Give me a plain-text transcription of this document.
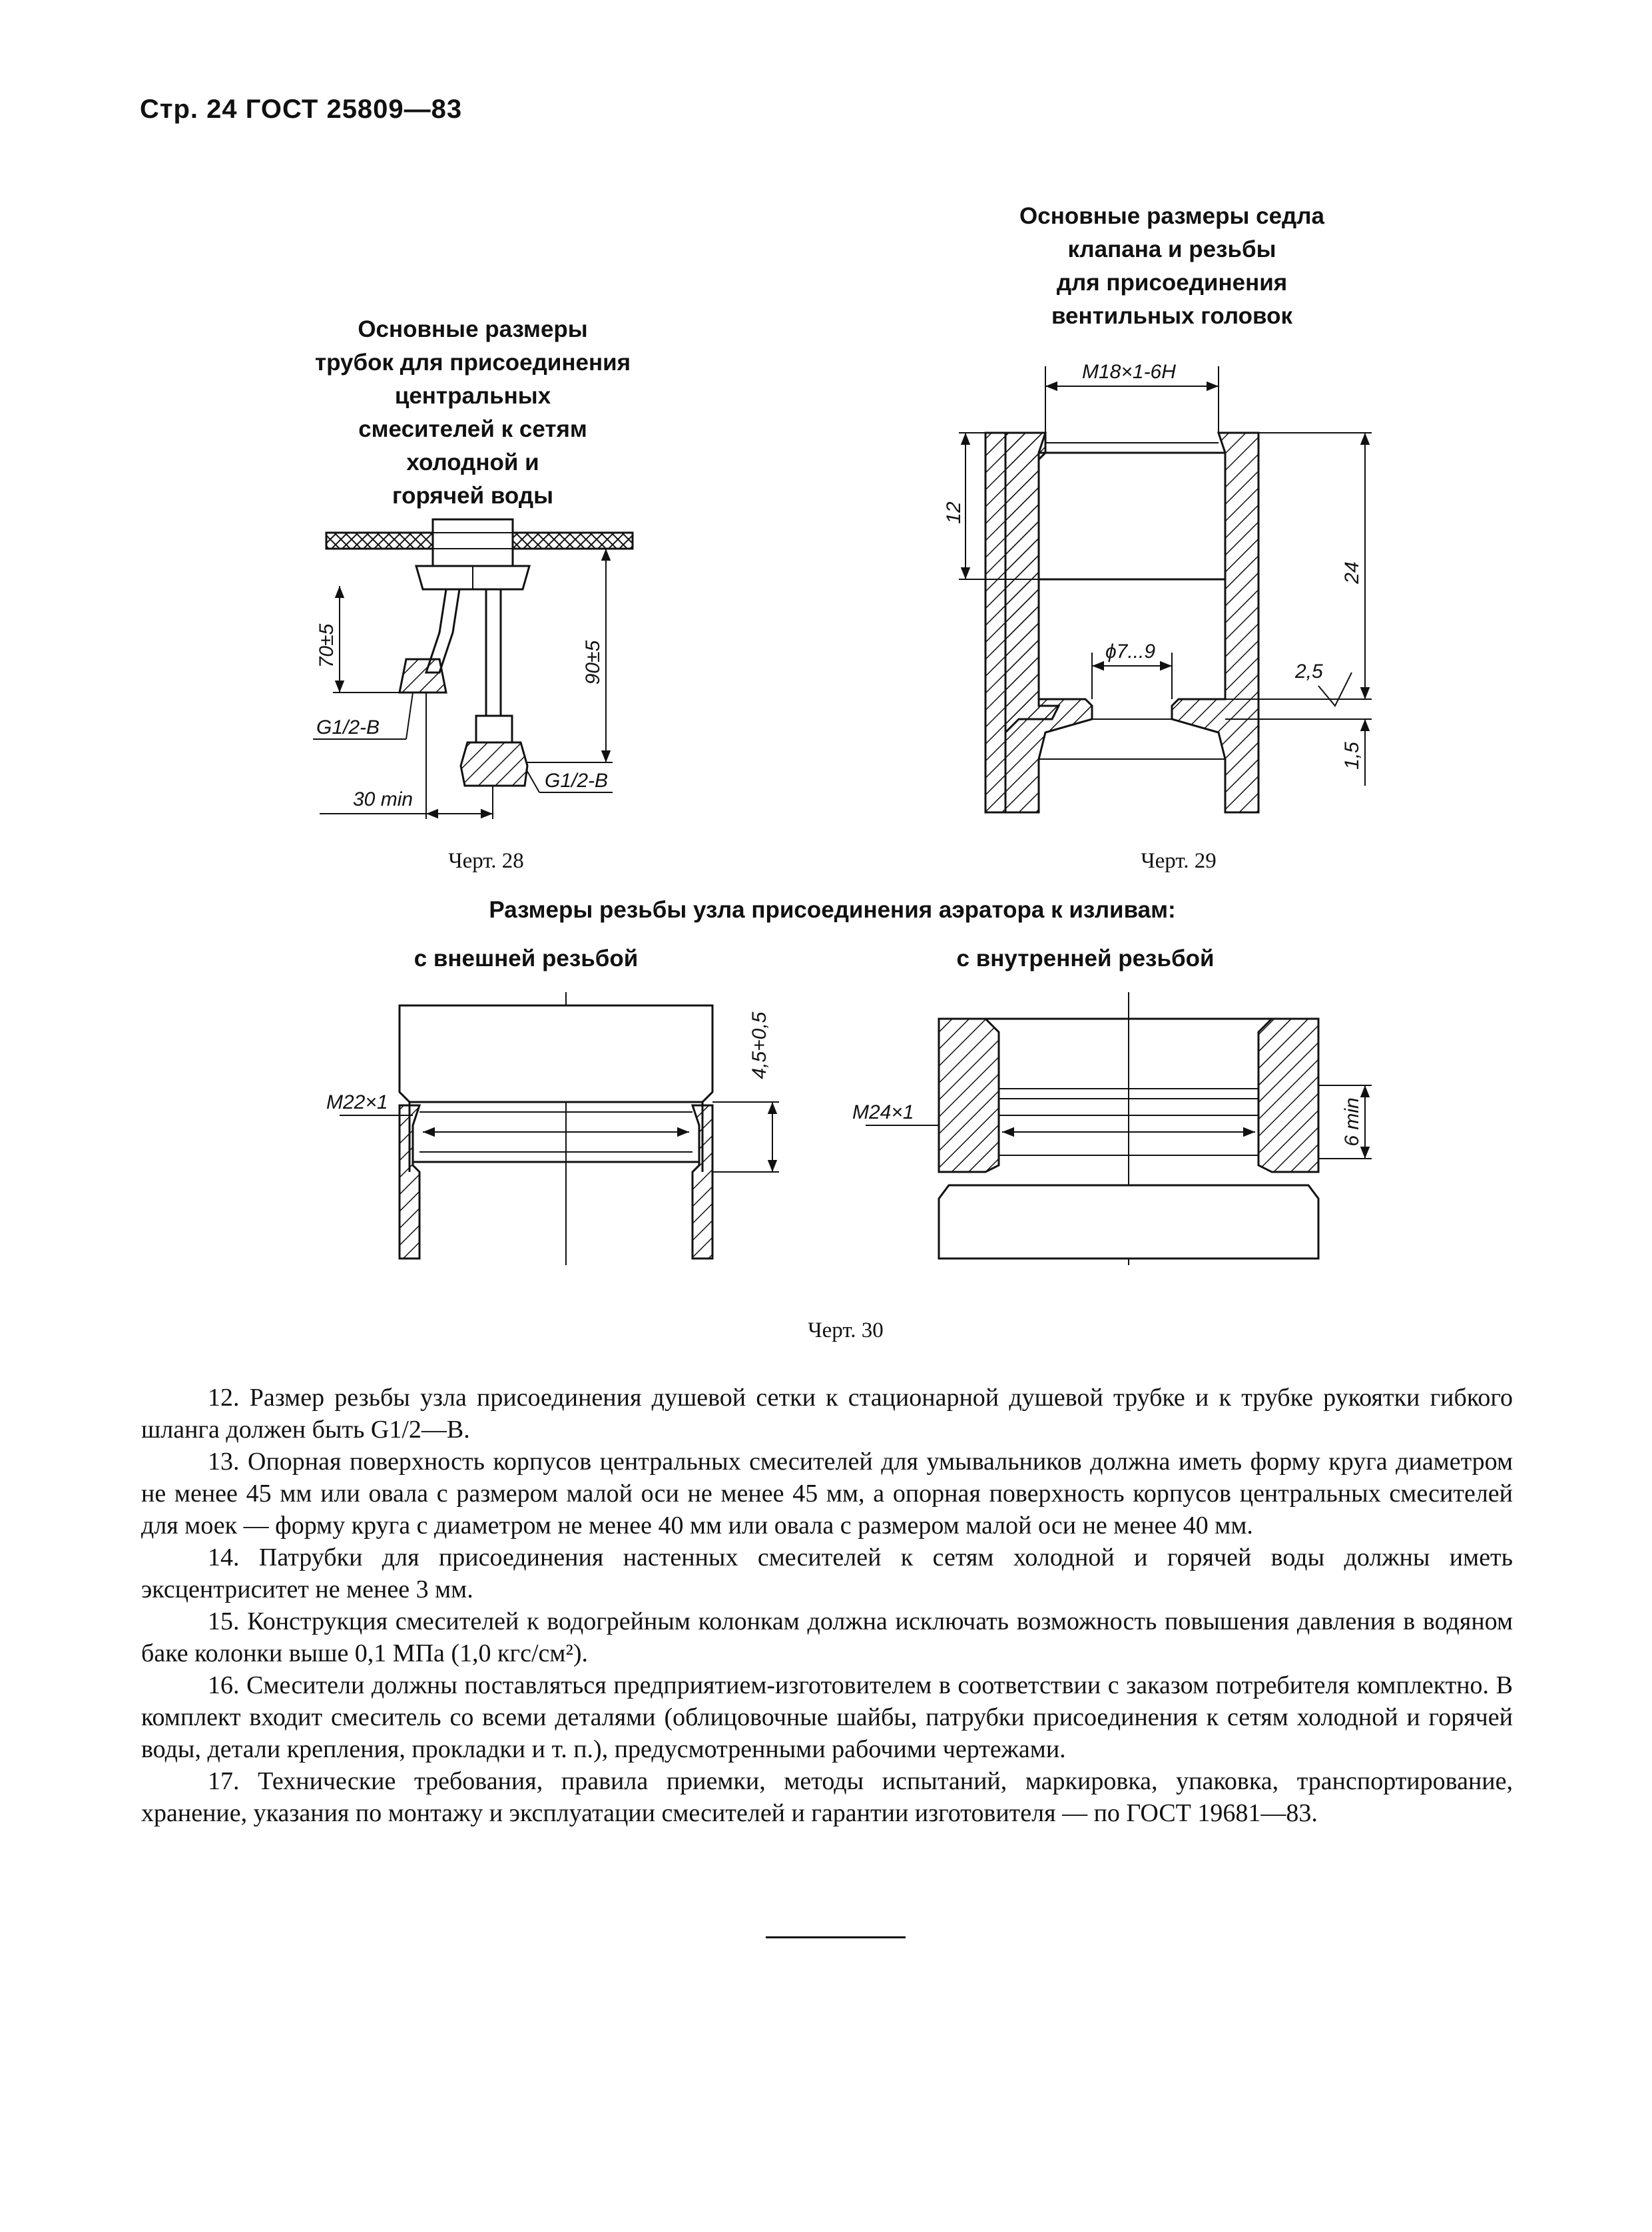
Стр. 24 ГОСТ 25809—83
Основные размеры
трубок для присоединения
центральных
смесителей к сетям
холодной и
горячей воды
70±5	90±5
G1/2-B
G1/2-B
30 min
Черт. 28
Основные размеры седла
клапана и резьбы
для присоединения
вентильных головок
M18×1-6H
ϕ7...9
12
24
2,5
1,5
Черт. 29
Размеры резьбы узла присоединения аэратора к изливам:
с внешней резьбой	с внутренней резьбой
M22×1
4,5+0,5
M24×1	6 min
Черт. 30

12. Размер резьбы узла присоединения душевой сетки к стационарной душевой трубке и к трубке рукоятки гибкого шланга должен быть G1/2—В.

13. Опорная поверхность корпусов центральных смесителей для умывальников должна иметь форму круга диаметром не менее 45 мм или овала с размером малой оси не менее 45 мм, а опорная поверхность корпусов центральных смесителей для моек — форму круга с диаметром не менее 40 мм или овала с размером малой оси не менее 40 мм.

14. Патрубки для присоединения настенных смесителей к сетям холодной и горячей воды должны иметь эксцентриситет не менее 3 мм.

15. Конструкция смесителей к водогрейным колонкам должна исключать возможность повышения давления в водяном баке колонки выше 0,1 МПа (1,0 кгс/см²).

16. Смесители должны поставляться предприятием-изготовителем в соответствии с заказом потребителя комплектно. В комплект входит смеситель со всеми деталями (облицовочные шайбы, патрубки присоединения к сетям холодной и горячей воды, детали крепления, прокладки и т. п.), предусмотренными рабочими чертежами.

17. Технические требования, правила приемки, методы испытаний, маркировка, упаковка, транспортирование, хранение, указания по монтажу и эксплуатации смесителей и гарантии изготовителя — по ГОСТ 19681—83.
